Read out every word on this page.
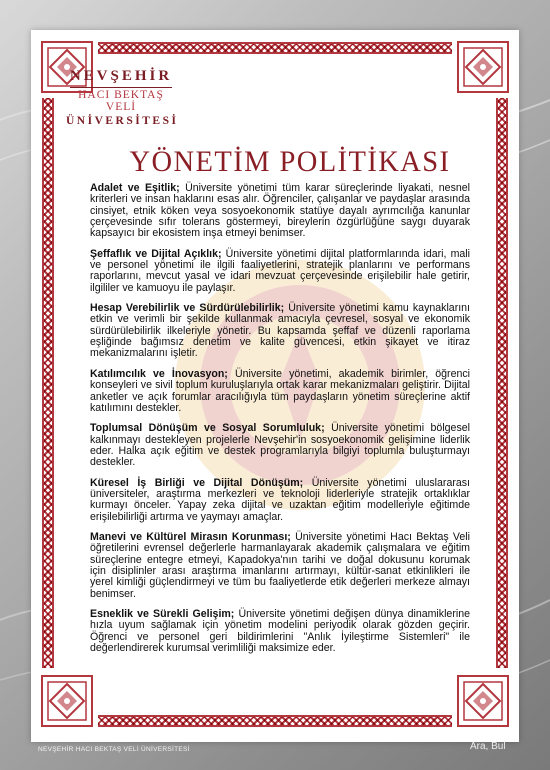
NEVŞEHİR
HACI BEKTAŞ VELİ
ÜNİVERSİTESİ
YÖNETİM POLİTİKASI

Adalet ve Eşitlik; Üniversite yönetimi tüm karar süreçlerinde liyakati, nesnel kriterleri ve insan haklarını esas alır. Öğrenciler, çalışanlar ve paydaşlar arasında cinsiyet, etnik köken veya sosyoekonomik statüye dayalı ayrımcılığa kanunlar çerçevesinde sıfır tolerans göstermeyi, bireylerin özgürlüğüne saygı duyarak kapsayıcı bir ekosistem inşa etmeyi benimser.

Şeffaflık ve Dijital Açıklık; Üniversite yönetimi dijital platformlarında idari, mali ve personel yönetimi ile ilgili faaliyetlerini, stratejik planlarını ve performans raporlarını, mevcut yasal ve idari mevzuat çerçevesinde erişilebilir hale getirir, ilgililer ve kamuoyu ile paylaşır.

Hesap Verebilirlik ve Sürdürülebilirlik; Üniversite yönetimi kamu kaynaklarını etkin ve verimli bir şekilde kullanmak amacıyla çevresel, sosyal ve ekonomik sürdürülebilirlik ilkeleriyle yönetir. Bu kapsamda şeffaf ve düzenli raporlama eşliğinde bağımsız denetim ve kalite güvencesi, etkin şikayet ve itiraz mekanizmalarını işletir.

Katılımcılık ve İnovasyon; Üniversite yönetimi, akademik birimler, öğrenci konseyleri ve sivil toplum kuruluşlarıyla ortak karar mekanizmaları geliştirir. Dijital anketler ve açık forumlar aracılığıyla tüm paydaşların yönetim süreçlerine aktif katılımını destekler.

Toplumsal Dönüşüm ve Sosyal Sorumluluk; Üniversite yönetimi bölgesel kalkınmayı destekleyen projelerle Nevşehir'in sosyoekonomik gelişimine liderlik eder. Halka açık eğitim ve destek programlarıyla bilgiyi toplumla buluşturmayı destekler.

Küresel İş Birliği ve Dijital Dönüşüm; Üniversite yönetimi uluslararası üniversiteler, araştırma merkezleri ve teknoloji liderleriyle stratejik ortaklıklar kurmayı önceler. Yapay zeka dijital ve uzaktan eğitim modelleriyle eğitimde erişilebilirliği artırma ve yaymayı amaçlar.

Manevi ve Kültürel Mirasın Korunması; Üniversite yönetimi Hacı Bektaş Veli öğretilerini evrensel değerlerle harmanlayarak akademik çalışmalara ve eğitim süreçlerine entegre etmeyi, Kapadokya'nın tarihi ve doğal dokusunu korumak için disiplinler arası araştırma imanlarını artırmayı, kültür-sanat etkinlikleri ile yerel kimliği güçlendirmeyi ve tüm bu faaliyetlerde etik değerleri merkeze almayı benimser.

Esneklik ve Sürekli Gelişim; Üniversite yönetimi değişen dünya dinamiklerine hızla uyum sağlamak için yönetim modelini periyodik olarak gözden geçirir. Öğrenci ve personel geri bildirimlerini "Anlık İyileştirme Sistemleri" ile değerlendirerek kurumsal verimliliği maksimize eder.

NEVŞEHİR HACI BEKTAŞ VELİ ÜNİVERSİTESİ	Ara, Bul
